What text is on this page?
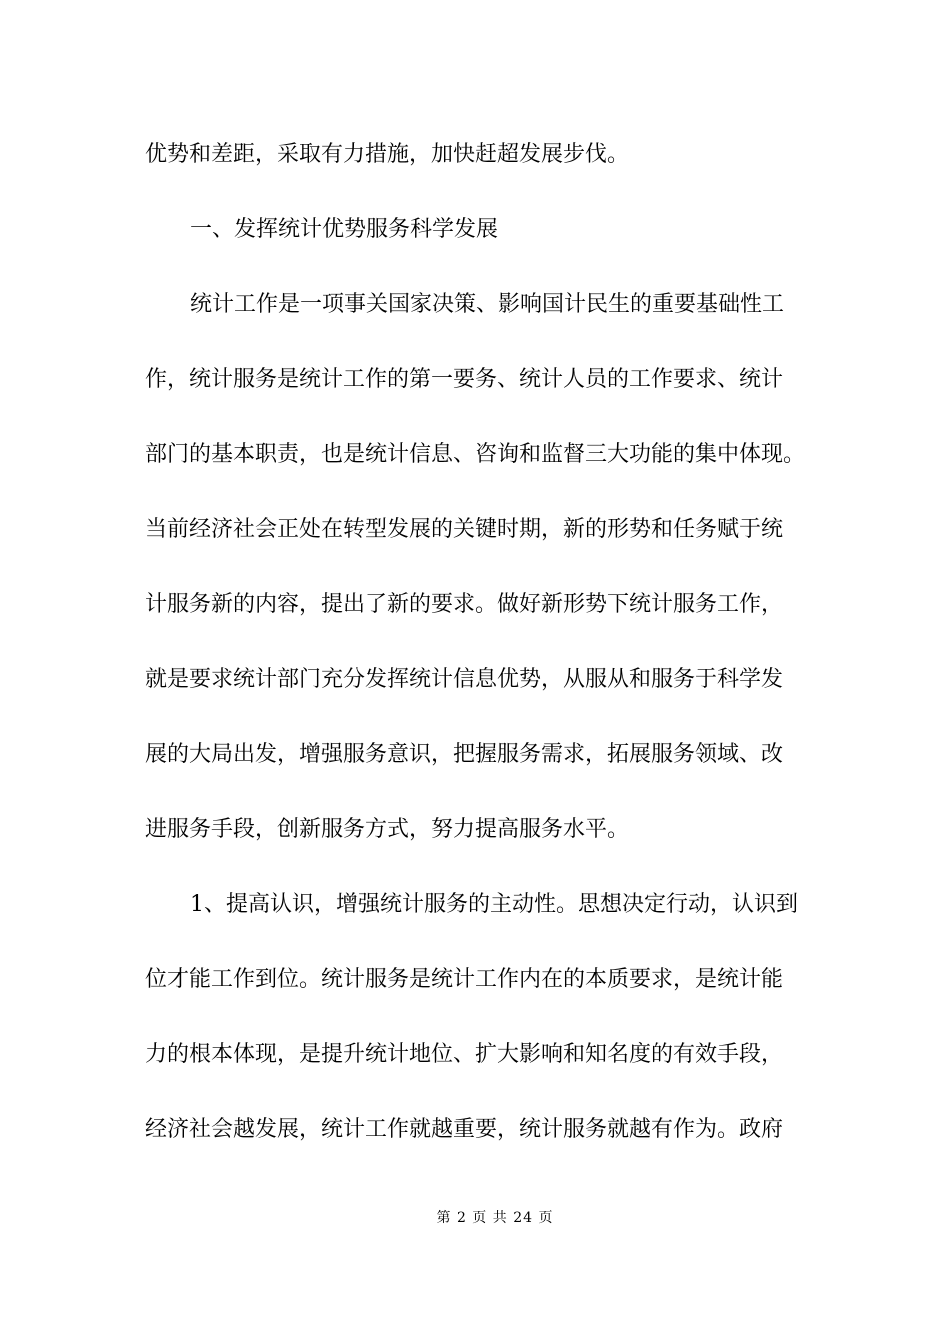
优势和差距，采取有力措施，加快赶超发展步伐。
一、发挥统计优势服务科学发展
统计工作是一项事关国家决策、影响国计民生的重要基础性工
作，统计服务是统计工作的第一要务、统计人员的工作要求、统计
部门的基本职责，也是统计信息、咨询和监督三大功能的集中体现。
当前经济社会正处在转型发展的关键时期，新的形势和任务赋于统
计服务新的内容，提出了新的要求。做好新形势下统计服务工作，
就是要求统计部门充分发挥统计信息优势，从服从和服务于科学发
展的大局出发，增强服务意识，把握服务需求，拓展服务领域、改
进服务手段，创新服务方式，努力提高服务水平。
1、提高认识，增强统计服务的主动性。思想决定行动，认识到
位才能工作到位。统计服务是统计工作内在的本质要求，是统计能
力的根本体现，是提升统计地位、扩大影响和知名度的有效手段，
经济社会越发展，统计工作就越重要，统计服务就越有作为。政府
第 2 页 共 24 页
